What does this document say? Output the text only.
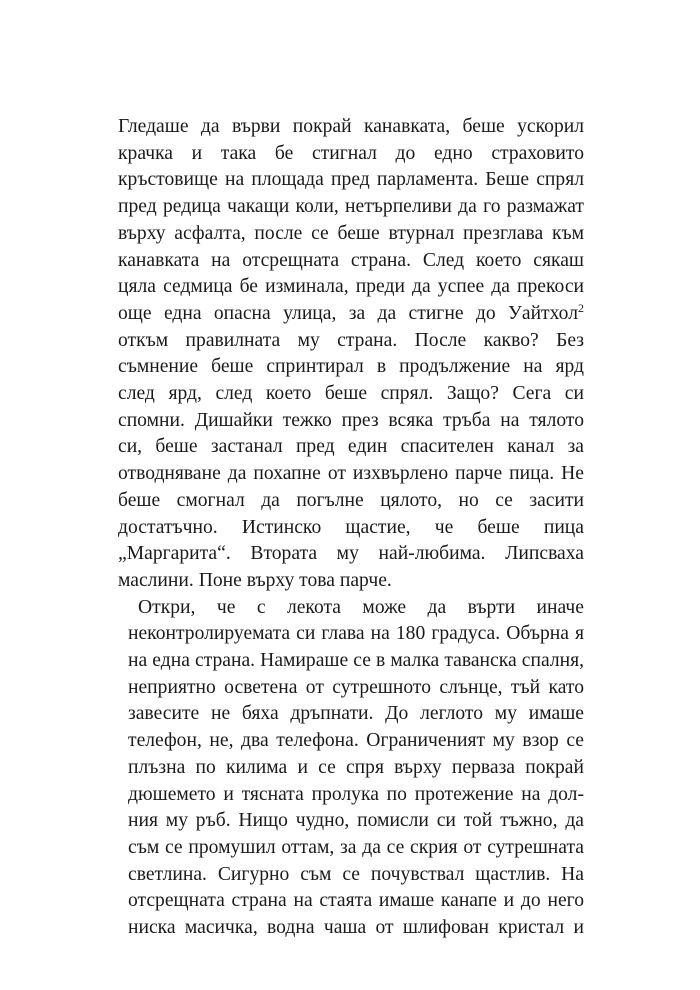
Гледаше да върви покрай канавката, беше ускорил
крачка и така бе стигнал до едно страховито
кръстовище на площада пред парламента. Беше спрял
пред редица чакащи коли, нетърпеливи да го размажат
върху асфалта, после се беше втурнал презглава към
канавката на отсрещната страна. След което сякаш
цяла седмица бе изминала, преди да успее да прекоси
още една опасна улица, за да стигне до Уайтхол$^2$
откъм правилната му страна. После какво? Без
съмнение беше спринтирал в продължение на ярд
след ярд, след което беше спрял. Защо? Сега си
спомни. Дишайки тежко през всяка тръба на тялото
си, беше застанал пред един спасителен канал за
отводняване да похапне от изхвърлено парче пица. Не
беше смогнал да погълне цялото, но се засити
достатъчно. Истинско щастие, че беше пица
„Маргарита“. Втората му най-любима. Липсваха
маслини. Поне върху това парче.

Откри, че с лекота може да върти иначе
неконтролируемата си глава на 180 градуса. Обърна я
на една страна. Намираше се в малка таванска спалня,
неприятно осветена от сутрешното слънце, тъй като
завесите не бяха дръпнати. До леглото му имаше
телефон, не, два телефона. Ограниченият му взор се
плъзна по килима и се спря върху перваза покрай
дюшемето и тясната пролука по протежение на дол-
ния му ръб. Нищо чудно, помисли си той тъжно, да
съм се промушил оттам, за да се скрия от сутрешната
светлина. Сигурно съм се почувствал щастлив. На
отсрещната страна на стаята имаше канапе и до него
ниска масичка, водна чаша от шлифован кристал и
